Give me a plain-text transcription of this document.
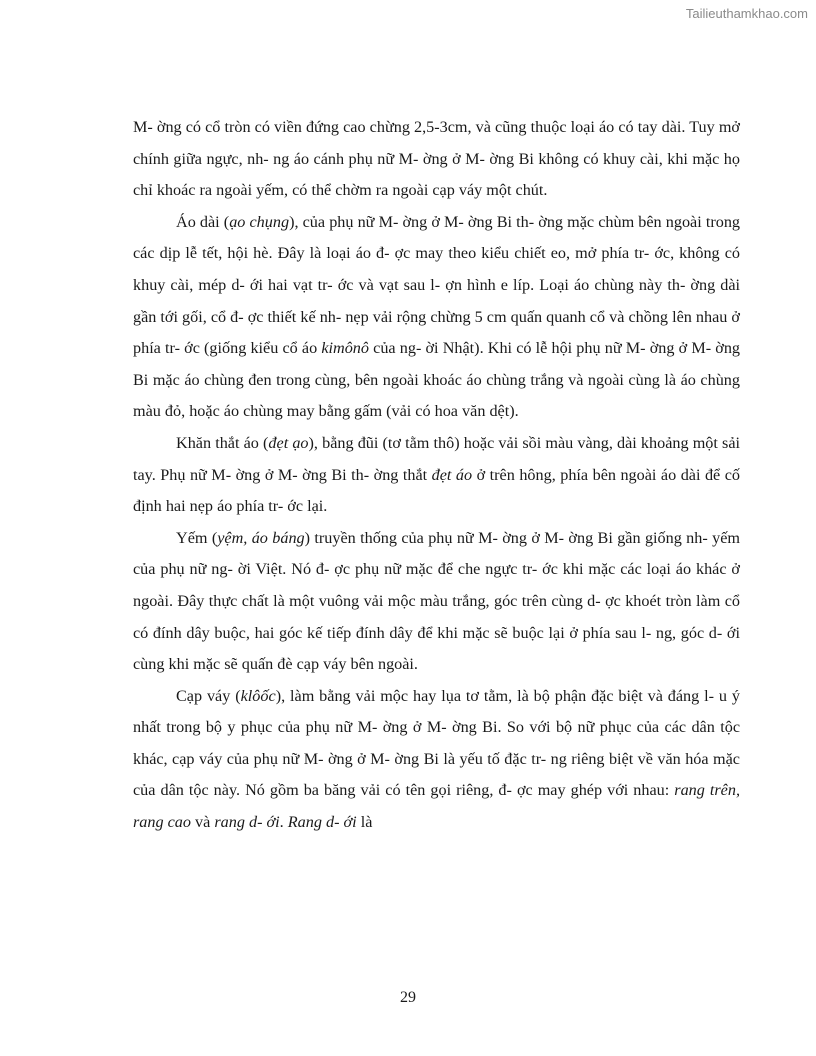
Tailieuthamkhao.com

M- ờng có cổ tròn có viền đứng cao chừng 2,5-3cm, và cũng thuộc loại áo có tay dài. Tuy mở chính giữa ngực, nh- ng áo cánh phụ nữ M- ờng ở M- ờng Bi không có khuy cài, khi mặc họ chỉ khoác ra ngoài yếm, có thể chờm ra ngoài cạp váy một chút.

Áo dài (ạo chụng), của phụ nữ M- ờng ở M- ờng Bi th- ờng mặc chùm bên ngoài trong các dịp lễ tết, hội hè. Đây là loại áo đ- ợc may theo kiểu chiết eo, mở phía tr- ớc, không có khuy cài, mép d- ới hai vạt tr- ớc và vạt sau l- ợn hình e líp. Loại áo chùng này th- ờng dài gần tới gối, cổ đ- ợc thiết kế nh- nẹp vải rộng chừng 5 cm quấn quanh cổ và chồng lên nhau ở phía tr- ớc (giống kiểu cổ áo kimônô của ng- ời Nhật). Khi có lễ hội phụ nữ M- ờng ở M- ờng Bi mặc áo chùng đen trong cùng, bên ngoài khoác áo chùng trắng và ngoài cùng là áo chùng màu đỏ, hoặc áo chùng may bằng gấm (vải có hoa văn dệt).

Khăn thắt áo (đẹt ạo), bằng đũi (tơ tằm thô) hoặc vải sồi màu vàng, dài khoảng một sải tay. Phụ nữ M- ờng ở M- ờng Bi th- ờng thắt đẹt áo ở trên hông, phía bên ngoài áo dài để cố định hai nẹp áo phía tr- ớc lại.

Yếm (yệm, áo báng) truyền thống của phụ nữ M- ờng ở M- ờng Bi gần giống nh- yếm của phụ nữ ng- ời Việt. Nó đ- ợc phụ nữ mặc để che ngực tr- ớc khi mặc các loại áo khác ở ngoài. Đây thực chất là một vuông vải mộc màu trắng, góc trên cùng d- ợc khoét tròn làm cổ có đính dây buộc, hai góc kế tiếp đính dây để khi mặc sẽ buộc lại ở phía sau l- ng, góc d- ới cùng khi mặc sẽ quấn đè cạp váy bên ngoài.

Cạp váy (klôốc), làm bằng vải mộc hay lụa tơ tằm, là bộ phận đặc biệt và đáng l- u ý nhất trong bộ y phục của phụ nữ M- ờng ở M- ờng Bi. So với bộ nữ phục của các dân tộc khác, cạp váy của phụ nữ M- ờng ở M- ờng Bi là yếu tố đặc tr- ng riêng biệt về văn hóa mặc của dân tộc này. Nó gồm ba băng vải có tên gọi riêng, đ- ợc may ghép với nhau: rang trên, rang cao và rang d- ới. Rang d- ới là

29
